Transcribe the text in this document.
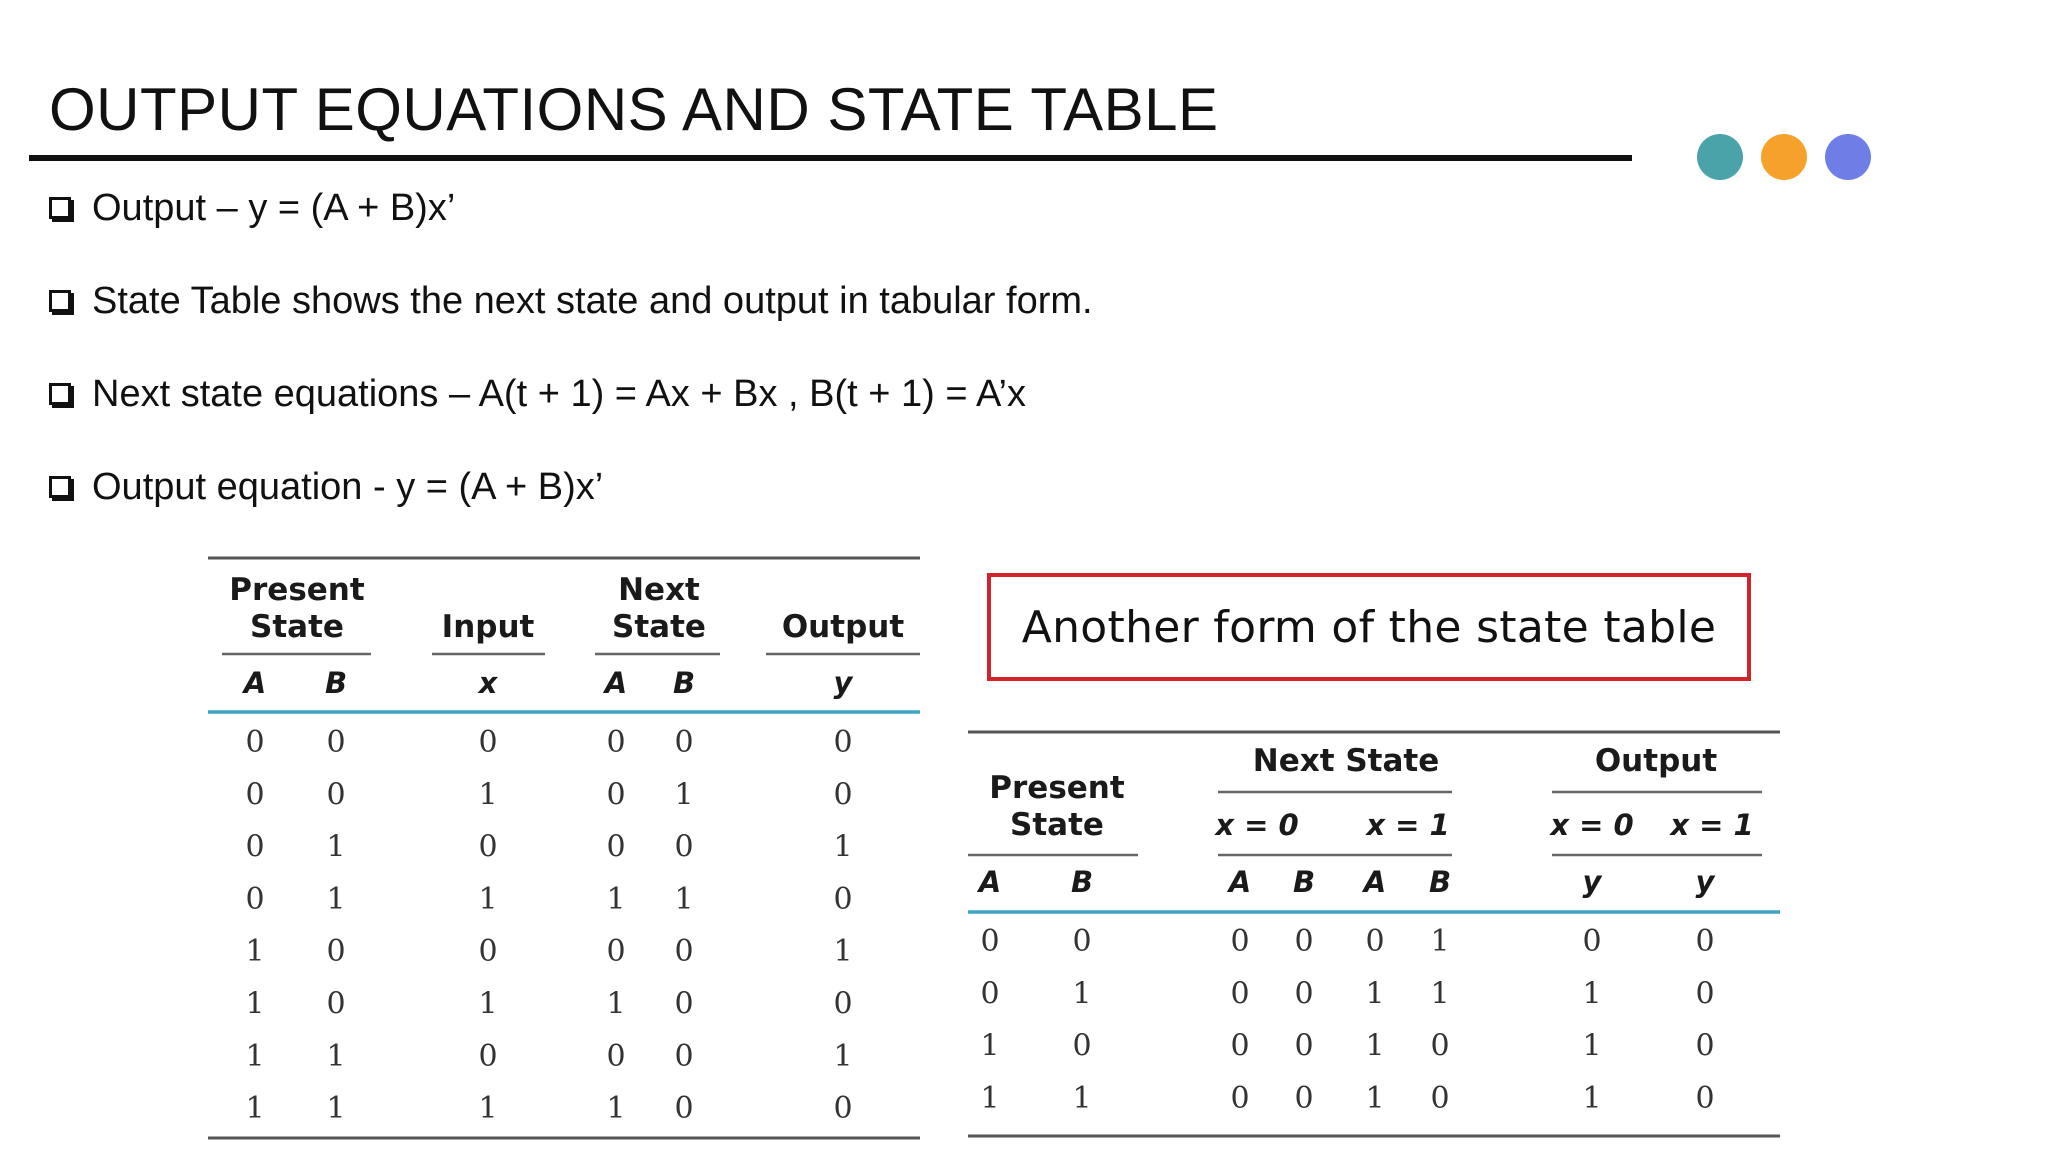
OUTPUT EQUATIONS AND STATE TABLE
Output – y = (A + B)x’
State Table shows the next state and output in tabular form.
Next state equations – A(t + 1) = Ax + Bx , B(t + 1) = A’x
Output equation - y = (A + B)x’
Present
State	Input
Next
State Output
A B	x	A B	y
0 0	0	0 0	0
0 0	1	0 1	0
0 1	0	0 0	1
0 1	1	1 1	0
1 0	0	0 0	1
1 0	1	1 0	0
1 1	0	0 0	1
1 1	1	1 0	0
Another form of the state table
Present
State
Next State	Output
x = 0 x = 1	x = 0 x = 1
A B	A B A B	y	y
0 0	0 0 0 1	0	0
0 1	0 0 1 1	1	0
1 0	0 0 1 0	1	0
1 1	0 0 1 0	1	0
